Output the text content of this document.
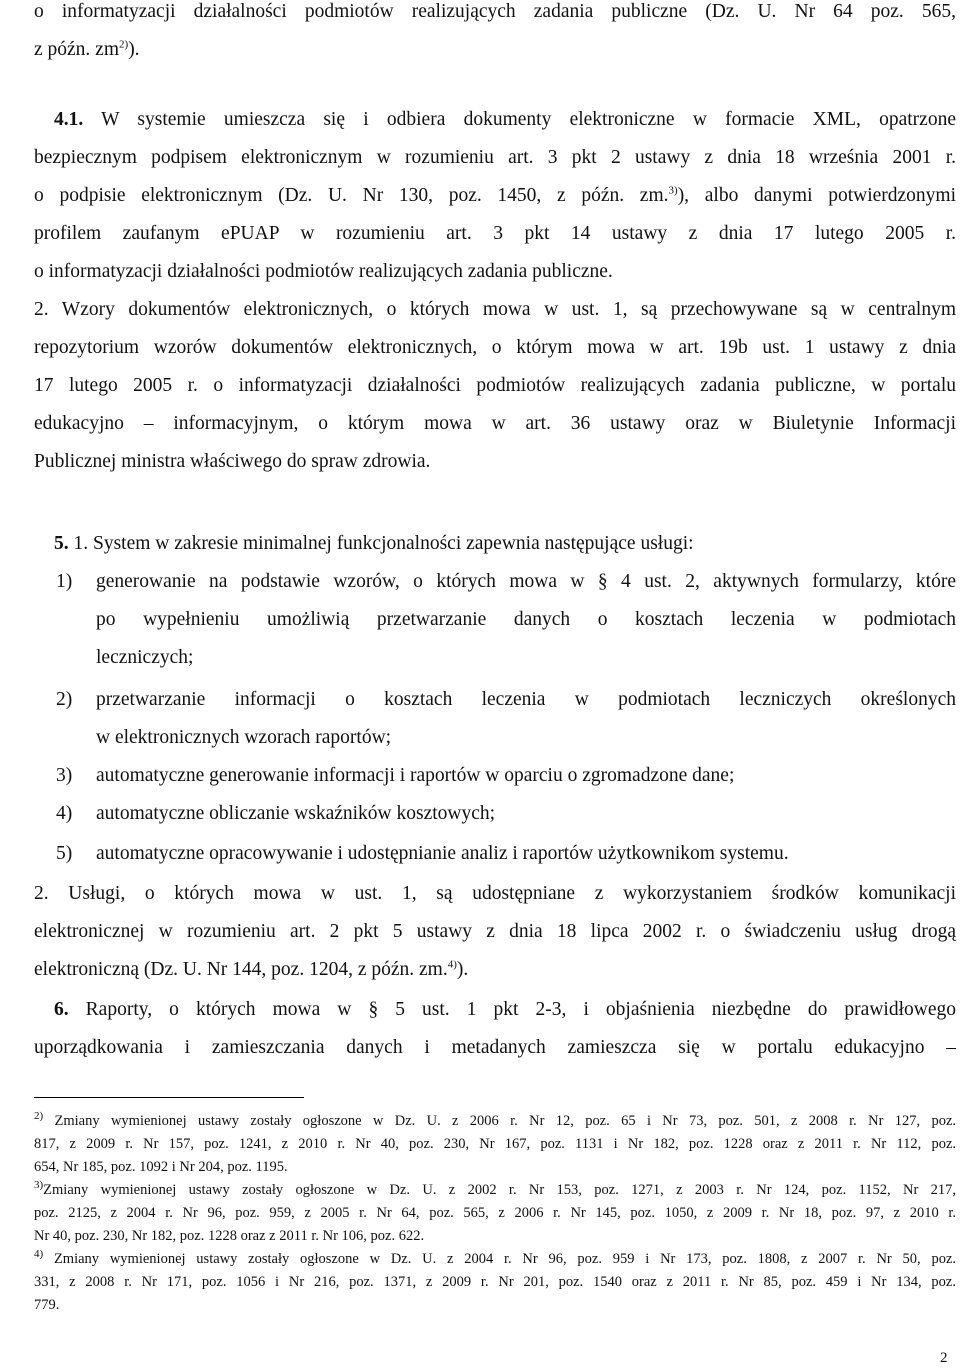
o informatyzacji działalności podmiotów realizujących zadania publiczne (Dz. U. Nr 64 poz. 565,
z późn. $zm^{2)}$).
4.1. W systemie umieszcza się i odbiera dokumenty elektroniczne w formacie XML, opatrzone
bezpiecznym podpisem elektronicznym w rozumieniu art. 3 pkt 2 ustawy z dnia 18 września 2001 r.
o podpisie elektronicznym (Dz. U. Nr 130, poz. 1450, z późn. zm.$^{3)}$), albo danymi potwierdzonymi
profilem zaufanym ePUAP w rozumieniu art. 3 pkt 14 ustawy z dnia 17 lutego 2005 r.
o informatyzacji działalności podmiotów realizujących zadania publiczne.
2. Wzory dokumentów elektronicznych, o których mowa w ust. 1, są przechowywane są w centralnym
repozytorium wzorów dokumentów elektronicznych, o którym mowa w art. 19b ust. 1 ustawy z dnia
17 lutego 2005 r. o informatyzacji działalności podmiotów realizujących zadania publiczne, w portalu
edukacyjno – informacyjnym, o którym mowa w art. 36 ustawy oraz w Biuletynie Informacji
Publicznej ministra właściwego do spraw zdrowia.
5. 1. System w zakresie minimalnej funkcjonalności zapewnia następujące usługi:
1) generowanie na podstawie wzorów, o których mowa w § 4 ust. 2, aktywnych formularzy, które
po wypełnieniu umożliwią przetwarzanie danych o kosztach leczenia w podmiotach
leczniczych;
2) przetwarzanie informacji o kosztach leczenia w podmiotach leczniczych określonych
w elektronicznych wzorach raportów;
3) automatyczne generowanie informacji i raportów w oparciu o zgromadzone dane;
4) automatyczne obliczanie wskaźników kosztowych;
5) automatyczne opracowywanie i udostępnianie analiz i raportów użytkownikom systemu.
2. Usługi, o których mowa w ust. 1, są udostępniane z wykorzystaniem środków komunikacji
elektronicznej w rozumieniu art. 2 pkt 5 ustawy z dnia 18 lipca 2002 r. o świadczeniu usług drogą
elektroniczną (Dz. U. Nr 144, poz. 1204, z późn. zm.$^{4)}$).
6. Raporty, o których mowa w § 5 ust. 1 pkt 2-3, i objaśnienia niezbędne do prawidłowego
uporządkowania i zamieszczania danych i metadanych zamieszcza się w portalu edukacyjno –
$^{2)}$ Zmiany wymienionej ustawy zostały ogłoszone w Dz. U. z 2006 r. Nr 12, poz. 65 i Nr 73, poz. 501, z 2008 r. Nr 127, poz.
817, z 2009 r. Nr 157, poz. 1241, z 2010 r. Nr 40, poz. 230, Nr 167, poz. 1131 i Nr 182, poz. 1228 oraz z 2011 r. Nr 112, poz.
654, Nr 185, poz. 1092 i Nr 204, poz. 1195.
$^{3)}$Zmiany wymienionej ustawy zostały ogłoszone w Dz. U. z 2002 r. Nr 153, poz. 1271, z 2003 r. Nr 124, poz. 1152, Nr 217,
poz. 2125, z 2004 r. Nr 96, poz. 959, z 2005 r. Nr 64, poz. 565, z 2006 r. Nr 145, poz. 1050, z 2009 r. Nr 18, poz. 97, z 2010 r.
Nr 40, poz. 230, Nr 182, poz. 1228 oraz z 2011 r. Nr 106, poz. 622.
$^{4)}$ Zmiany wymienionej ustawy zostały ogłoszone w Dz. U. z 2004 r. Nr 96, poz. 959 i Nr 173, poz. 1808, z 2007 r. Nr 50, poz.
331, z 2008 r. Nr 171, poz. 1056 i Nr 216, poz. 1371, z 2009 r. Nr 201, poz. 1540 oraz z 2011 r. Nr 85, poz. 459 i Nr 134, poz.
779.
2
